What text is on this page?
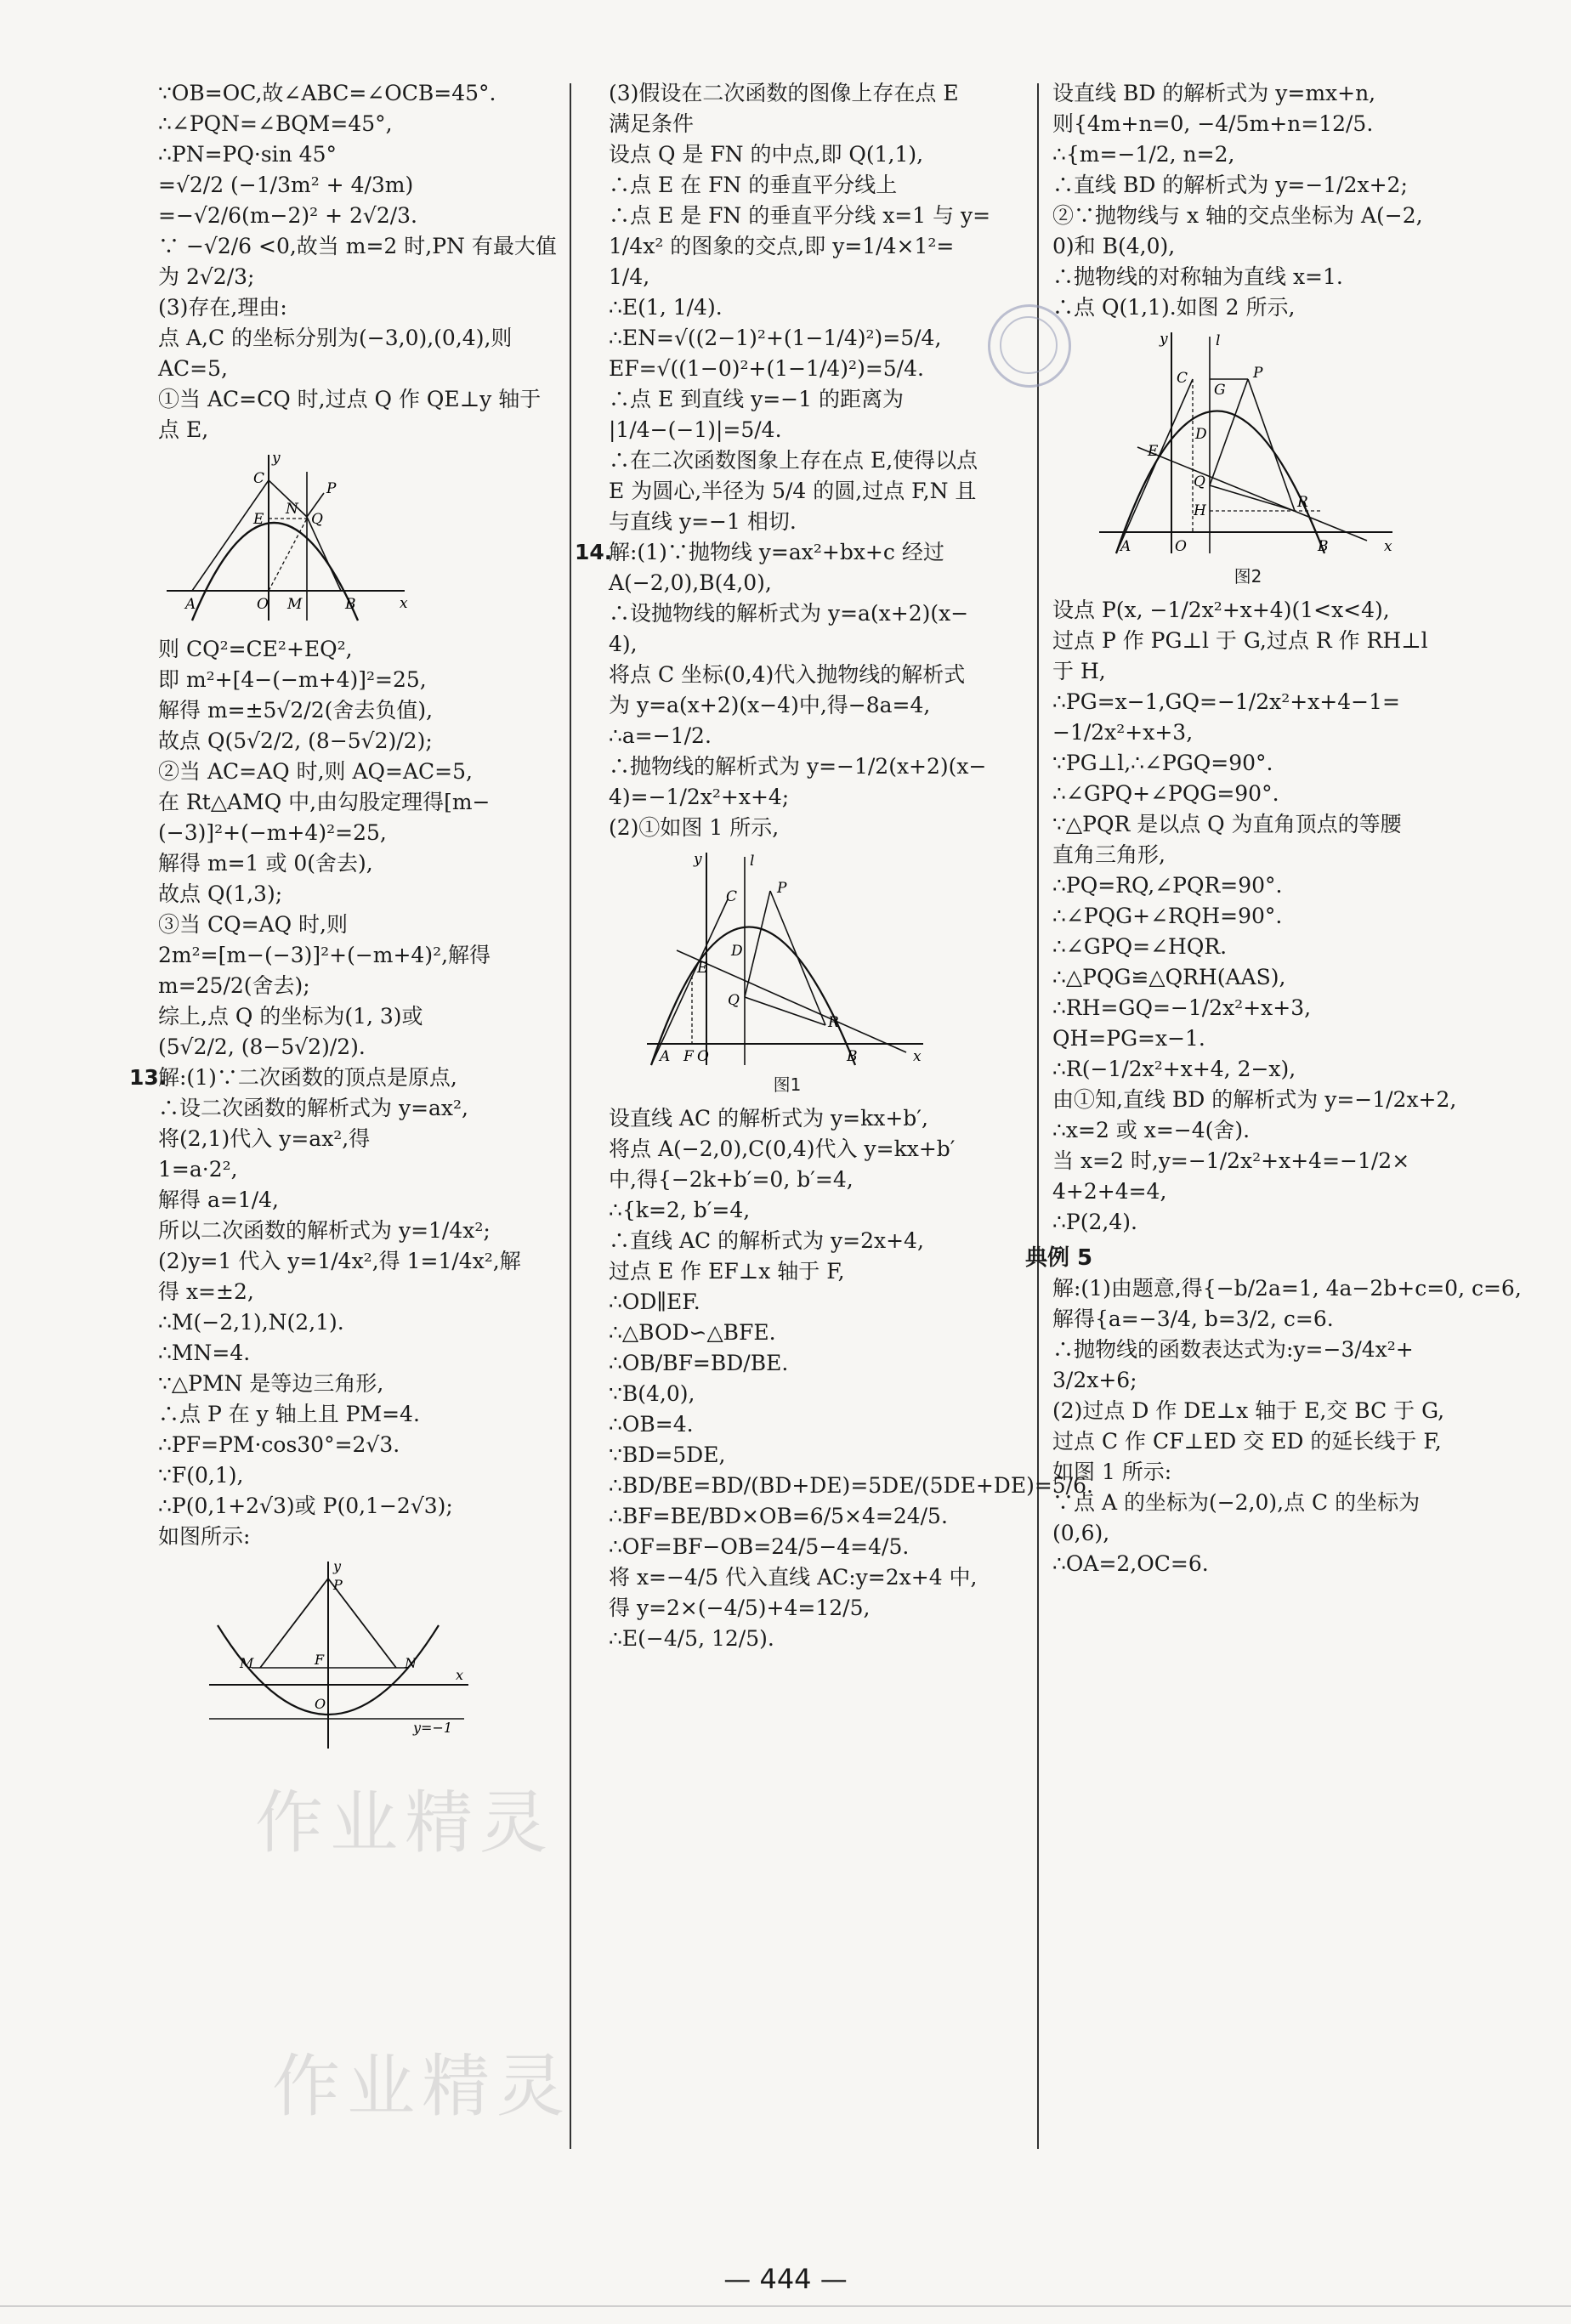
∵OB=OC,故∠ABC=∠OCB=45°.
∴∠PQN=∠BQM=45°,
∴PN=PQ·sin 45°
=√2/2 (−1/3m² + 4/3m)
=−√2/6(m−2)² + 2√2/3.
∵ −√2/6 <0,故当 m=2 时,PN 有最大值
为 2√2/3;
(3)存在,理由:
点 A,C 的坐标分别为(−3,0),(0,4),则
AC=5,
①当 AC=CQ 时,过点 Q 作 QE⊥y 轴于
点 E,
y
x
C
P
E
N
Q
A	O M	B
则 CQ²=CE²+EQ²,
即 m²+[4−(−m+4)]²=25,
解得 m=±5√2/2(舍去负值),
故点 Q(5√2/2, (8−5√2)/2);
②当 AC=AQ 时,则 AQ=AC=5,
在 Rt△AMQ 中,由勾股定理得[m−
(−3)]²+(−m+4)²=25,
解得 m=1 或 0(舍去),
故点 Q(1,3);
③当 CQ=AQ 时,则
2m²=[m−(−3)]²+(−m+4)²,解得
m=25/2(舍去);
综上,点 Q 的坐标为(1, 3)或
(5√2/2, (8−5√2)/2).
13.
解:(1)∵二次函数的顶点是原点,
∴设二次函数的解析式为 y=ax²,
将(2,1)代入 y=ax²,得
1=a·2²,
解得 a=1/4,
所以二次函数的解析式为 y=1/4x²;
(2)y=1 代入 y=1/4x²,得 1=1/4x²,解
得 x=±2,
∴M(−2,1),N(2,1).
∴MN=4.
∵△PMN 是等边三角形,
∴点 P 在 y 轴上且 PM=4.
∴PF=PM·cos30°=2√3.
∵F(0,1),
∴P(0,1+2√3)或 P(0,1−2√3);
如图所示:
y
x
P
M	F	N
O
y=−1
(3)假设在二次函数的图像上存在点 E
满足条件
设点 Q 是 FN 的中点,即 Q(1,1),
∴点 E 在 FN 的垂直平分线上
∴点 E 是 FN 的垂直平分线 x=1 与 y=
1/4x² 的图象的交点,即 y=1/4×1²=
1/4,
∴E(1, 1/4).
∴EN=√((2−1)²+(1−1/4)²)=5/4,
EF=√((1−0)²+(1−1/4)²)=5/4.
∴点 E 到直线 y=−1 的距离为
|1/4−(−1)|=5/4.
∴在二次函数图象上存在点 E,使得以点
E 为圆心,半径为 5/4 的圆,过点 F,N 且
与直线 y=−1 相切.
14.
解:(1)∵抛物线 y=ax²+bx+c 经过
A(−2,0),B(4,0),
∴设抛物线的解析式为 y=a(x+2)(x−
4),
将点 C 坐标(0,4)代入抛物线的解析式
为 y=a(x+2)(x−4)中,得−8a=4,
∴a=−1/2.
∴抛物线的解析式为 y=−1/2(x+2)(x−
4)=−1/2x²+x+4;
(2)①如图 1 所示,
y	l
C	P
D
E
Q
R
A F O	B	x
图1
设直线 AC 的解析式为 y=kx+b′,
将点 A(−2,0),C(0,4)代入 y=kx+b′
中,得{−2k+b′=0, b′=4,
∴{k=2, b′=4,
∴直线 AC 的解析式为 y=2x+4,
过点 E 作 EF⊥x 轴于 F,
∴OD∥EF.
∴△BOD∽△BFE.
∴OB/BF=BD/BE.
∵B(4,0),
∴OB=4.
∵BD=5DE,
∴BD/BE=BD/(BD+DE)=5DE/(5DE+DE)=5/6.
∴BF=BE/BD×OB=6/5×4=24/5.
∴OF=BF−OB=24/5−4=4/5.
将 x=−4/5 代入直线 AC:y=2x+4 中,
得 y=2×(−4/5)+4=12/5,
∴E(−4/5, 12/5).
设直线 BD 的解析式为 y=mx+n,
则{4m+n=0, −4/5m+n=12/5.
∴{m=−1/2, n=2,
∴直线 BD 的解析式为 y=−1/2x+2;
②∵抛物线与 x 轴的交点坐标为 A(−2,
0)和 B(4,0),
∴抛物线的对称轴为直线 x=1.
∴点 Q(1,1).如图 2 所示,
y	l
C
G
P
E
D
Q
H	R
A	O	B	x
图2
设点 P(x, −1/2x²+x+4)(1<x<4),
过点 P 作 PG⊥l 于 G,过点 R 作 RH⊥l
于 H,
∴PG=x−1,GQ=−1/2x²+x+4−1=
−1/2x²+x+3,
∵PG⊥l,∴∠PGQ=90°.
∴∠GPQ+∠PQG=90°.
∵△PQR 是以点 Q 为直角顶点的等腰
直角三角形,
∴PQ=RQ,∠PQR=90°.
∴∠PQG+∠RQH=90°.
∴∠GPQ=∠HQR.
∴△PQG≌△QRH(AAS),
∴RH=GQ=−1/2x²+x+3,
QH=PG=x−1.
∴R(−1/2x²+x+4, 2−x),
由①知,直线 BD 的解析式为 y=−1/2x+2,
∴x=2 或 x=−4(舍).
当 x=2 时,y=−1/2x²+x+4=−1/2×
4+2+4=4,
∴P(2,4).
典例 5
解:(1)由题意,得{−b/2a=1, 4a−2b+c=0, c=6,
解得{a=−3/4, b=3/2, c=6.
∴抛物线的函数表达式为:y=−3/4x²+
3/2x+6;
(2)过点 D 作 DE⊥x 轴于 E,交 BC 于 G,
过点 C 作 CF⊥ED 交 ED 的延长线于 F,
如图 1 所示:
∵点 A 的坐标为(−2,0),点 C 的坐标为
(0,6),
∴OA=2,OC=6.
作业精灵
作业精灵
— 444 —
